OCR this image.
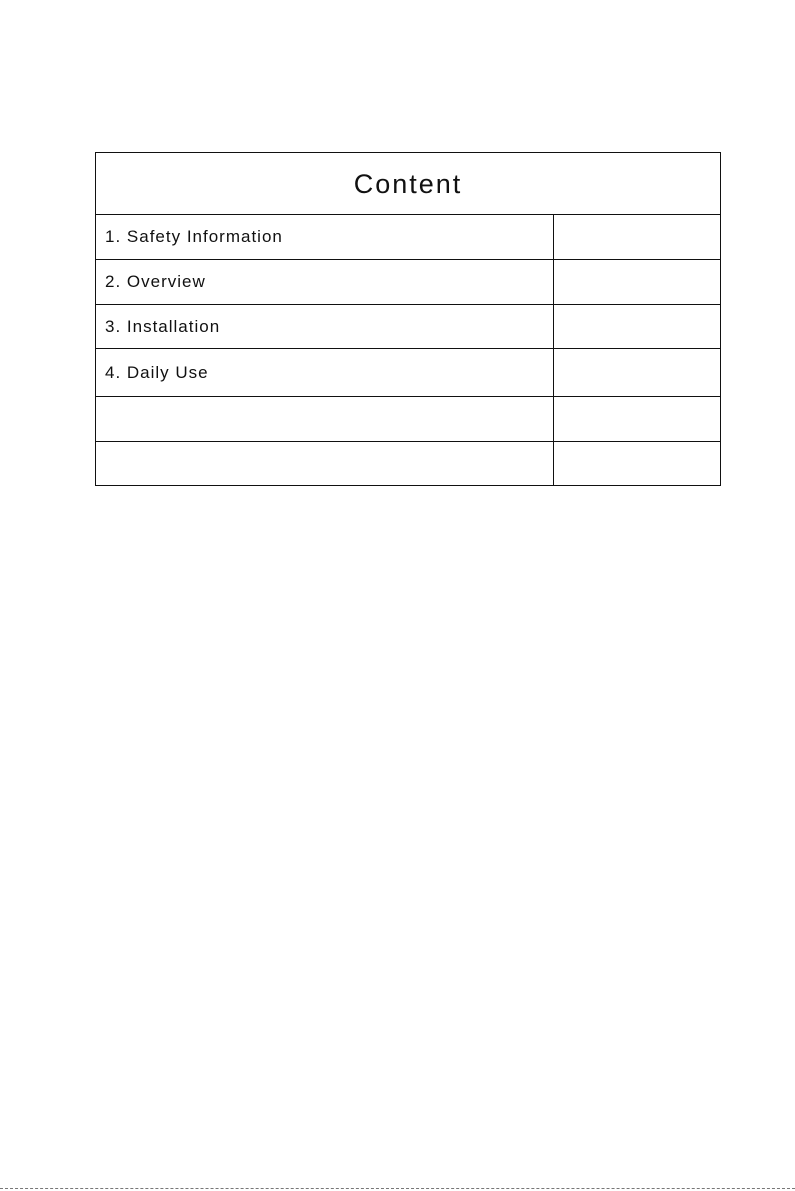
Content
1. Safety Information
2. Overview
3. Installation
4. Daily Use
